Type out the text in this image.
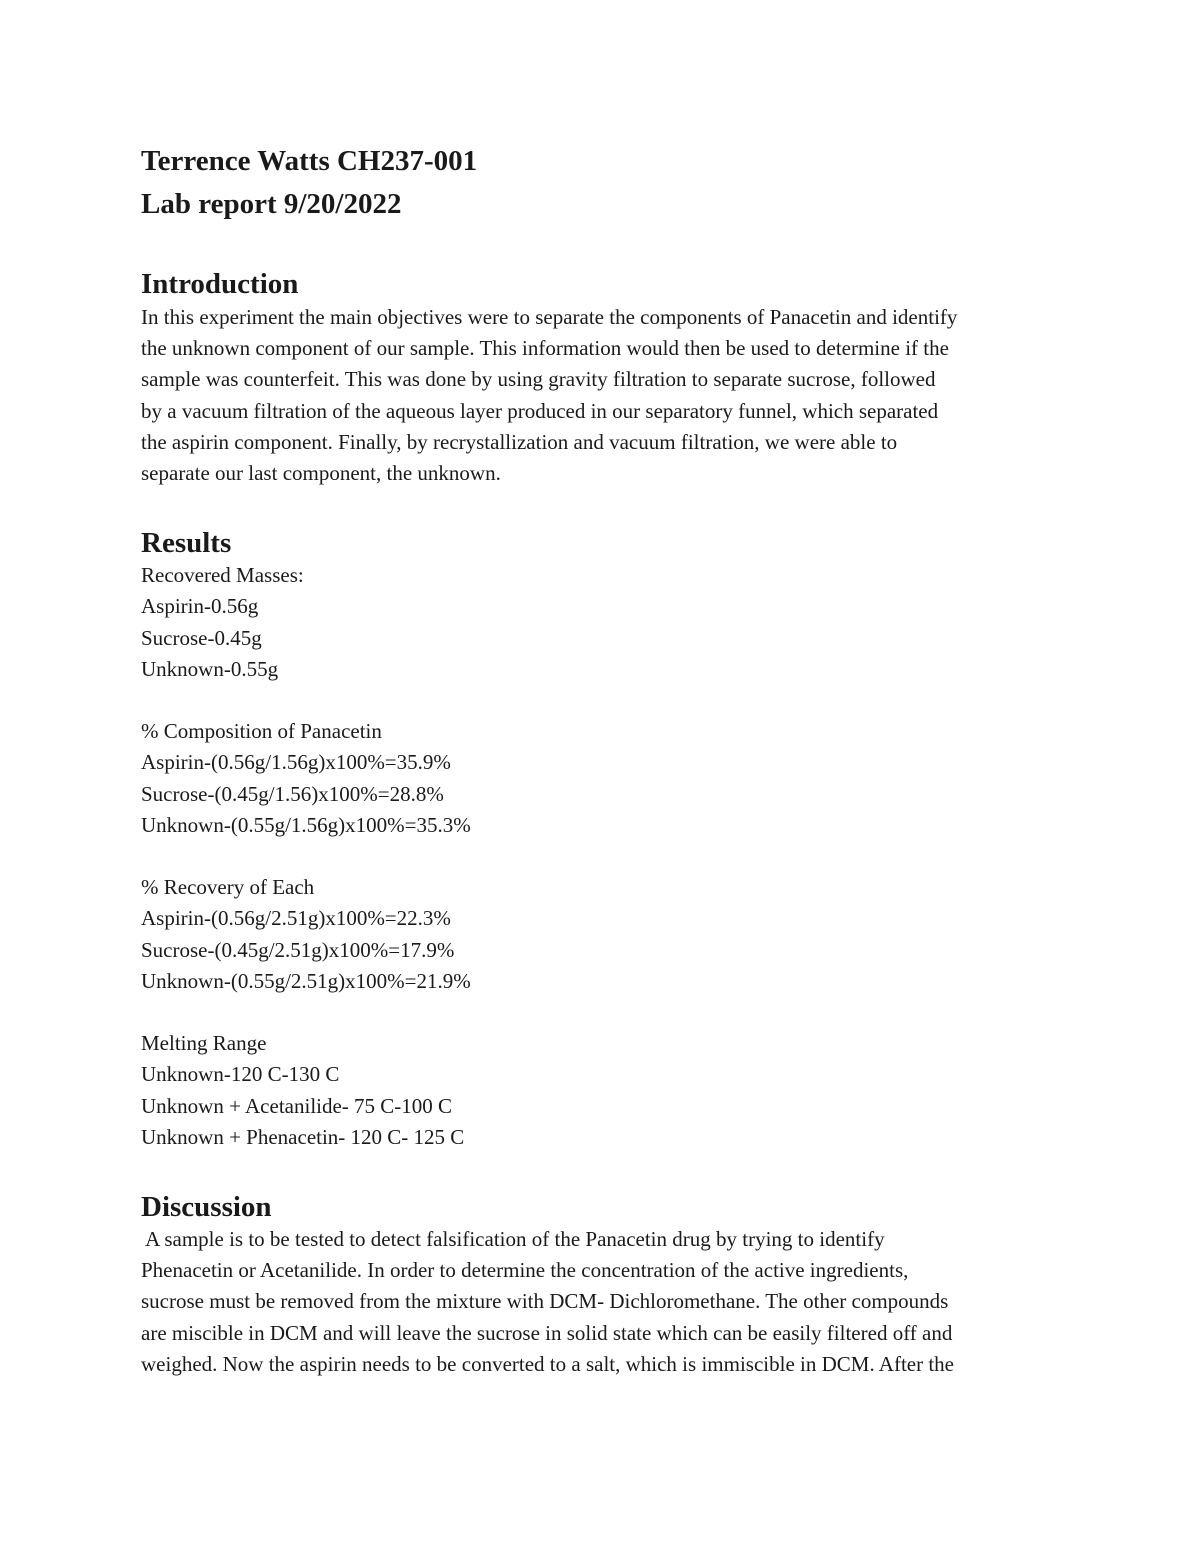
Terrence Watts CH237-001

Lab report 9/20/2022

Introduction
In this experiment the main objectives were to separate the components of Panacetin and identify
the unknown component of our sample. This information would then be used to determine if the
sample was counterfeit. This was done by using gravity filtration to separate sucrose, followed
by a vacuum filtration of the aqueous layer produced in our separatory funnel, which separated
the aspirin component. Finally, by recrystallization and vacuum filtration, we were able to
separate our last component, the unknown.
Results
Recovered Masses:
Aspirin-0.56g
Sucrose-0.45g
Unknown-0.55g

% Composition of Panacetin
Aspirin-(0.56g/1.56g)x100%=35.9%
Sucrose-(0.45g/1.56)x100%=28.8%
Unknown-(0.55g/1.56g)x100%=35.3%

% Recovery of Each
Aspirin-(0.56g/2.51g)x100%=22.3%
Sucrose-(0.45g/2.51g)x100%=17.9%
Unknown-(0.55g/2.51g)x100%=21.9%

Melting Range
Unknown-120 C-130 C
Unknown + Acetanilide- 75 C-100 C
Unknown + Phenacetin- 120 C- 125 C
Discussion
A sample is to be tested to detect falsification of the Panacetin drug by trying to identify
Phenacetin or Acetanilide. In order to determine the concentration of the active ingredients,
sucrose must be removed from the mixture with DCM- Dichloromethane. The other compounds
are miscible in DCM and will leave the sucrose in solid state which can be easily filtered off and
weighed. Now the aspirin needs to be converted to a salt, which is immiscible in DCM. After the
